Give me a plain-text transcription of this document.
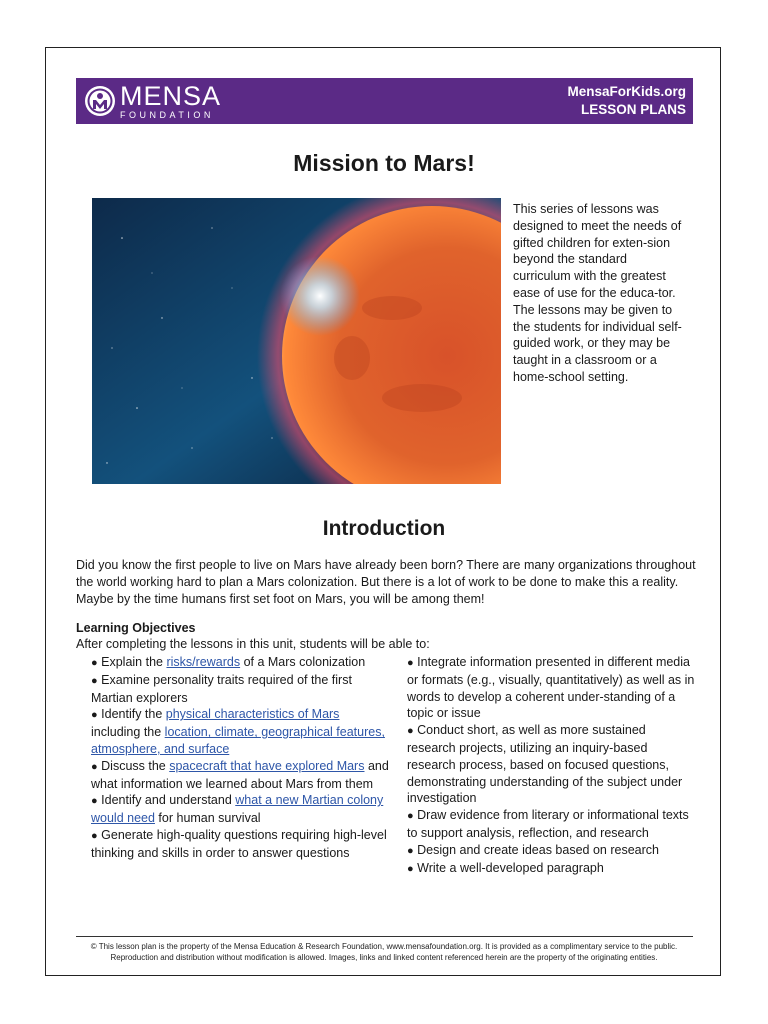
MENSA
FOUNDATION
MensaForKids.org
LESSON PLANS
Mission to Mars!

This series of lessons was designed to meet the needs of gifted children for exten-sion beyond the standard curriculum with the greatest ease of use for the educa-tor. The lessons may be given to the students for individual self-guided work, or they may be taught in a classroom or a home-school setting.

Introduction

Did you know the first people to live on Mars have already been born? There are many organizations throughout the world working hard to plan a Mars colonization. But there is a lot of work to be done to make this a reality. Maybe by the time humans first set foot on Mars, you will be among them!

Learning Objectives

After completing the lessons in this unit, students will be able to:

● Explain the risks/rewards of a Mars colonization
● Examine personality traits required of the first Martian explorers
● Identify the physical characteristics of Mars including the location, climate, geographical features, atmosphere, and surface
● Discuss the spacecraft that have explored Mars and what information we learned about Mars from them
● Identify and understand what a new Martian colony would need for human survival
● Generate high-quality questions requiring high-level thinking and skills in order to answer questions
● Integrate information presented in different media or formats (e.g., visually, quantitatively) as well as in words to develop a coherent under-standing of a topic or issue
● Conduct short, as well as more sustained research projects, utilizing an inquiry-based research process, based on focused questions, demonstrating understanding of the subject under investigation
● Draw evidence from literary or informational texts to support analysis, reflection, and research
● Design and create ideas based on research
● Write a well-developed paragraph

© This lesson plan is the property of the Mensa Education & Research Foundation, www.mensafoundation.org. It is provided as a complimentary service to the public.
Reproduction and distribution without modification is allowed. Images, links and linked content referenced herein are the property of the originating entities.
